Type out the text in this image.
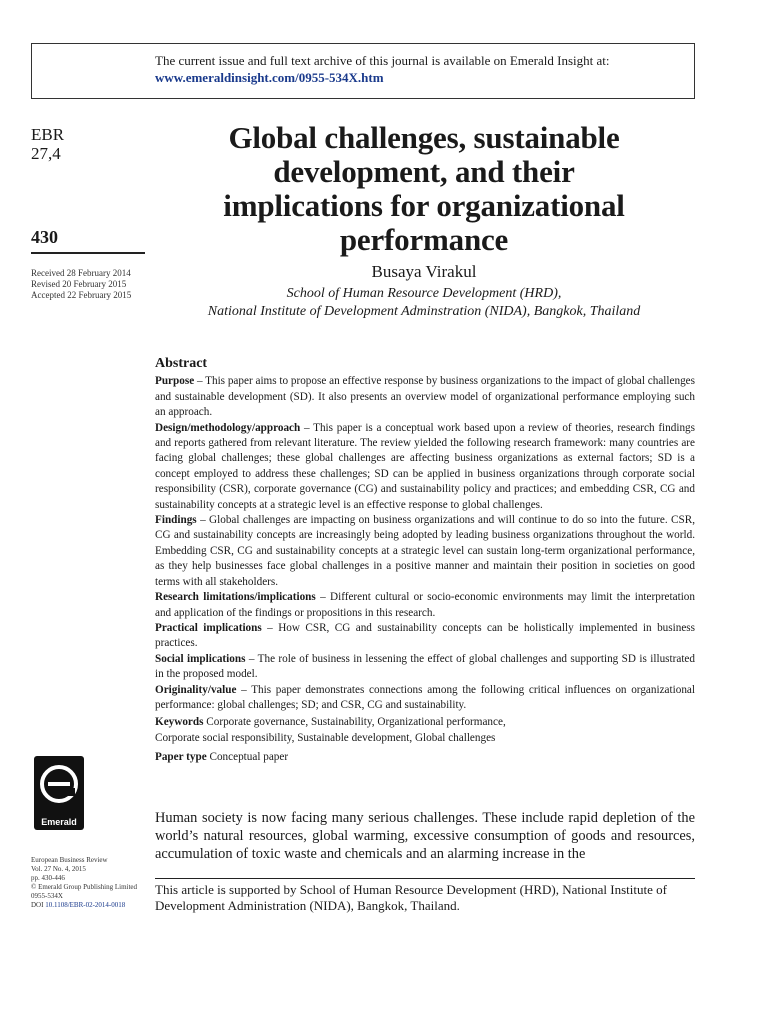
The current issue and full text archive of this journal is available on Emerald Insight at:
www.emeraldinsight.com/0955-534X.htm
EBR
27,4
430
Received 28 February 2014
Revised 20 February 2015
Accepted 22 February 2015
Global challenges, sustainable
development, and their
implications for organizational
performance
Busaya Virakul
School of Human Resource Development (HRD),
National Institute of Development Adminstration (NIDA), Bangkok, Thailand
Abstract

Purpose – This paper aims to propose an effective response by business organizations to the impact of global challenges and sustainable development (SD). It also presents an overview model of organizational performance employing such an approach.

Design/methodology/approach – This paper is a conceptual work based upon a review of theories, research findings and reports gathered from relevant literature. The review yielded the following research framework: many countries are facing global challenges; these global challenges are affecting business organizations as external factors; SD is a concept employed to address these challenges; SD can be applied in business organizations through corporate social responsibility (CSR), corporate governance (CG) and sustainability policy and practices; and embedding CSR, CG and sustainability concepts at a strategic level is an effective response to global challenges.

Findings – Global challenges are impacting on business organizations and will continue to do so into the future. CSR, CG and sustainability concepts are increasingly being adopted by leading business organizations throughout the world. Embedding CSR, CG and sustainability concepts at a strategic level can sustain long-term organizational performance, as they help businesses face global challenges in a positive manner and maintain their position in societies on good terms with all stakeholders.

Research limitations/implications – Different cultural or socio-economic environments may limit the interpretation and application of the findings or propositions in this research.

Practical implications – How CSR, CG and sustainability concepts can be holistically implemented in business practices.

Social implications – The role of business in lessening the effect of global challenges and supporting SD is illustrated in the proposed model.

Originality/value – This paper demonstrates connections among the following critical influences on organizational performance: global challenges; SD; and CSR, CG and sustainability.

Keywords Corporate governance, Sustainability, Organizational performance,
Corporate social responsibility, Sustainable development, Global challenges
Paper type Conceptual paper
Emerald
European Business Review
Vol. 27 No. 4, 2015
pp. 430-446
© Emerald Group Publishing Limited
0955-534X
DOI 10.1108/EBR-02-2014-0018
Human society is now facing many serious challenges. These include rapid depletion of the world’s natural resources, global warming, excessive consumption of goods and resources, accumulation of toxic waste and chemicals and an alarming increase in the
This article is supported by School of Human Resource Development (HRD), National Institute of Development Administration (NIDA), Bangkok, Thailand.
